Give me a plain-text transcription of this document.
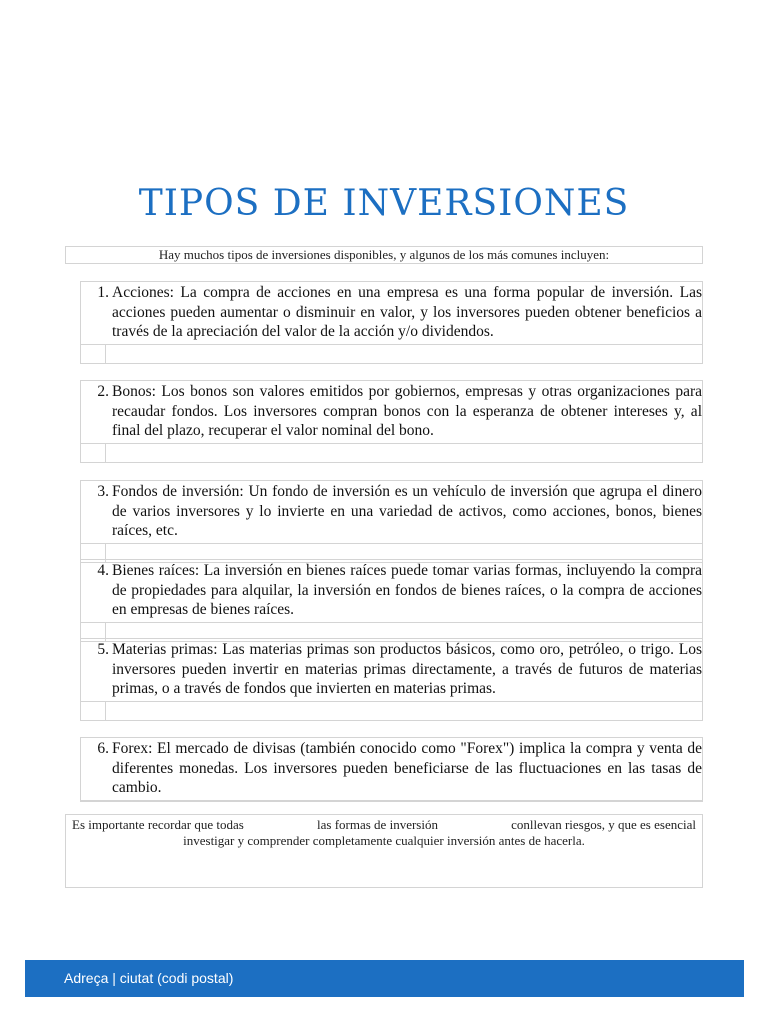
TIPOS DE INVERSIONES
Hay muchos tipos de inversiones disponibles, y algunos de los más comunes incluyen:
1. Acciones: La compra de acciones en una empresa es una forma popular de inversión. Las acciones pueden aumentar o disminuir en valor, y los inversores pueden obtener beneficios a través de la apreciación del valor de la acción y/o dividendos.
2. Bonos: Los bonos son valores emitidos por gobiernos, empresas y otras organizaciones para recaudar fondos. Los inversores compran bonos con la esperanza de obtener intereses y, al final del plazo, recuperar el valor nominal del bono.
3. Fondos de inversión: Un fondo de inversión es un vehículo de inversión que agrupa el dinero de varios inversores y lo invierte en una variedad de activos, como acciones, bonos, bienes raíces, etc.
4. Bienes raíces: La inversión en bienes raíces puede tomar varias formas, incluyendo la compra de propiedades para alquilar, la inversión en fondos de bienes raíces, o la compra de acciones en empresas de bienes raíces.
5. Materias primas: Las materias primas son productos básicos, como oro, petróleo, o trigo. Los inversores pueden invertir en materias primas directamente, a través de futuros de materias primas, o a través de fondos que invierten en materias primas.
6. Forex: El mercado de divisas (también conocido como "Forex") implica la compra y venta de diferentes monedas. Los inversores pueden beneficiarse de las fluctuaciones en las tasas de cambio.
Es importante recordar que todas	las formas de inversión	conllevan riesgos, y que es esencial
investigar y comprender completamente cualquier inversión antes de hacerla.
Adreça | ciutat (codi postal)
